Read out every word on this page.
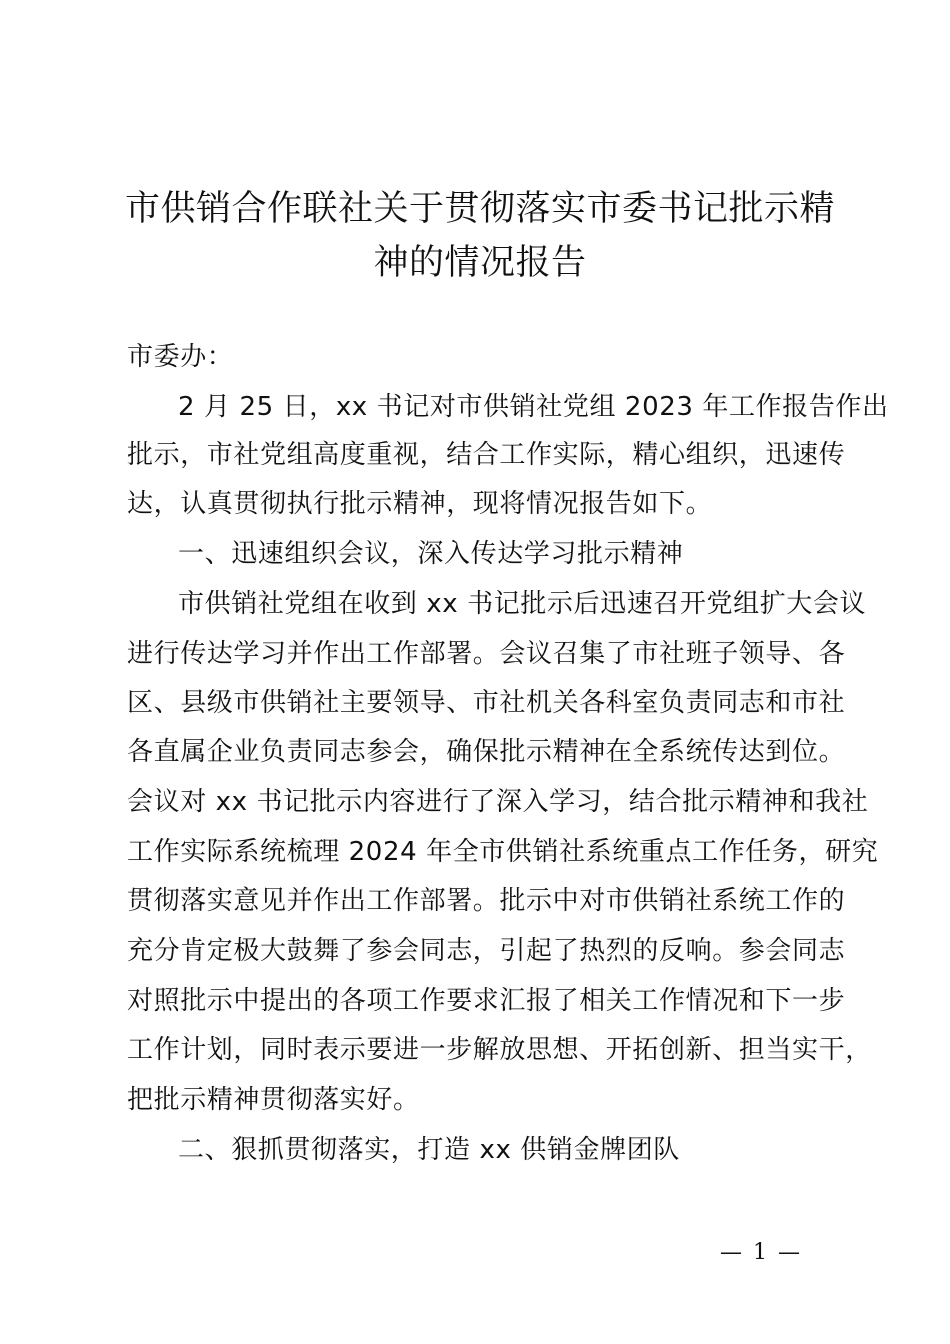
市供销合作联社关于贯彻落实市委书记批示精
神的情况报告
市委办：
2 月 25 日，xx 书记对市供销社党组 2023 年工作报告作出
批示，市社党组高度重视，结合工作实际，精心组织，迅速传
达，认真贯彻执行批示精神，现将情况报告如下。
一、迅速组织会议，深入传达学习批示精神
市供销社党组在收到 xx 书记批示后迅速召开党组扩大会议
进行传达学习并作出工作部署。会议召集了市社班子领导、各
区、县级市供销社主要领导、市社机关各科室负责同志和市社
各直属企业负责同志参会，确保批示精神在全系统传达到位。
会议对 xx 书记批示内容进行了深入学习，结合批示精神和我社
工作实际系统梳理 2024 年全市供销社系统重点工作任务，研究
贯彻落实意见并作出工作部署。批示中对市供销社系统工作的
充分肯定极大鼓舞了参会同志，引起了热烈的反响。参会同志
对照批示中提出的各项工作要求汇报了相关工作情况和下一步
工作计划，同时表示要进一步解放思想、开拓创新、担当实干，
把批示精神贯彻落实好。
二、狠抓贯彻落实，打造 xx 供销金牌团队
— 1 —
